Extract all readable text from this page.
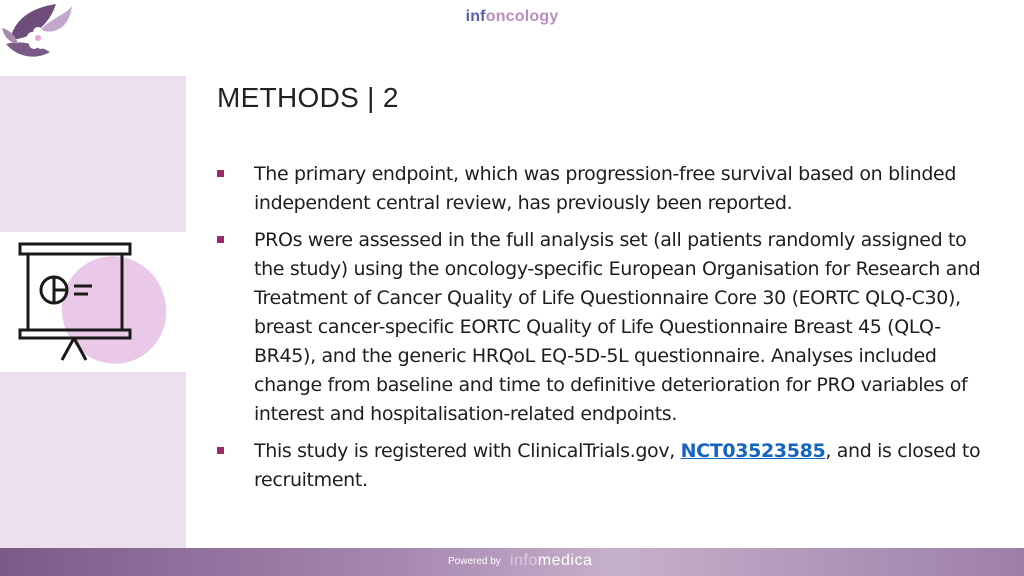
infoncology
METHODS | 2
The primary endpoint, which was progression-free survival based on blinded independent central review, has previously been reported.
PROs were assessed in the full analysis set (all patients randomly assigned to the study) using the oncology-specific European Organisation for Research and Treatment of Cancer Quality of Life Questionnaire Core 30 (EORTC QLQ-C30), breast cancer-specific EORTC Quality of Life Questionnaire Breast 45 (QLQ-BR45), and the generic HRQoL EQ-5D-5L questionnaire. Analyses included change from baseline and time to definitive deterioration for PRO variables of interest and hospitalisation-related endpoints.
This study is registered with ClinicalTrials.gov, NCT03523585, and is closed to recruitment.
Powered by infomedica
